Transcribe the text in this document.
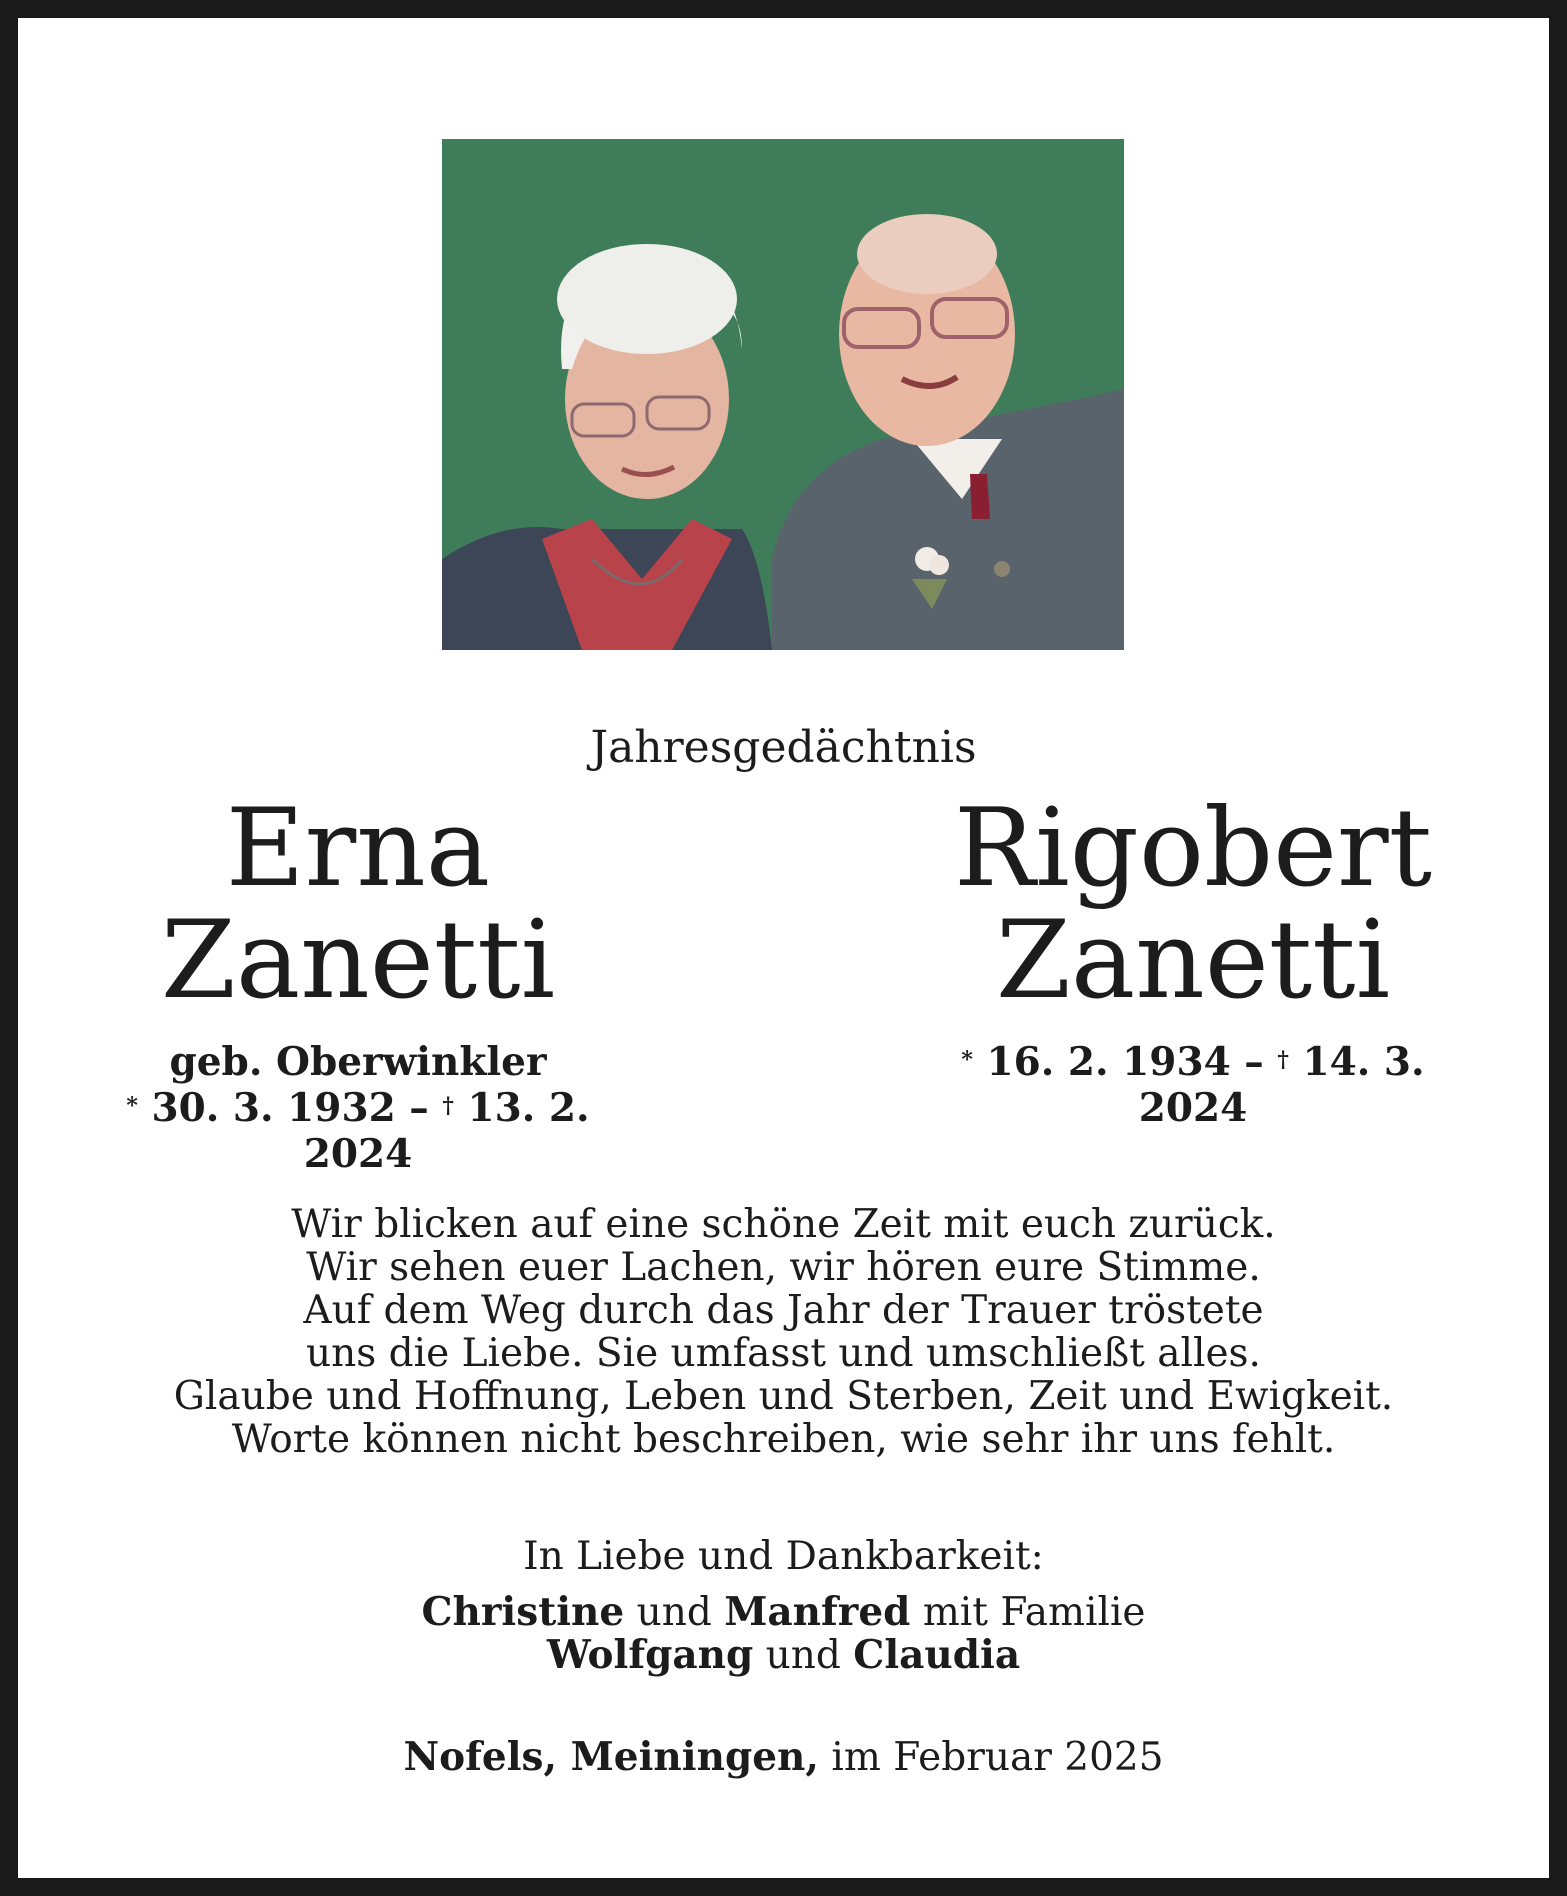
Jahresgedächtnis
Erna
Zanetti
geb. Oberwinkler
* 30. 3. 1932 – † 13. 2. 2024
Rigobert
Zanetti
* 16. 2. 1934 – † 14. 3. 2024
Wir blicken auf eine schöne Zeit mit euch zurück.
Wir sehen euer Lachen, wir hören eure Stimme.
Auf dem Weg durch das Jahr der Trauer tröstete
uns die Liebe. Sie umfasst und umschließt alles.
Glaube und Hoffnung, Leben und Sterben, Zeit und Ewigkeit.
Worte können nicht beschreiben, wie sehr ihr uns fehlt.
In Liebe und Dankbarkeit:
Christine und Manfred mit Familie
Wolfgang und Claudia
Nofels, Meiningen, im Februar 2025
